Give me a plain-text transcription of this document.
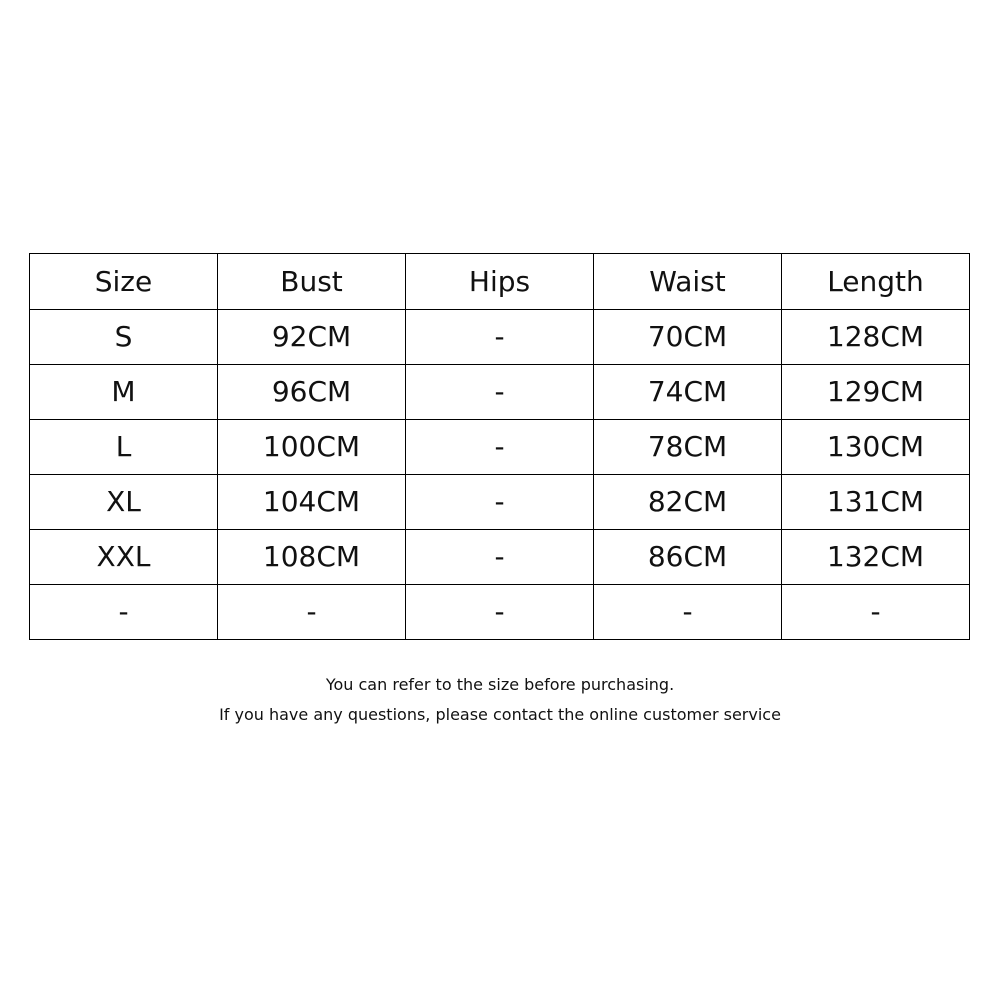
Size	Bust	Hips	Waist	Length
S	92CM	-	70CM	128CM
M	96CM	-	74CM	129CM
L	100CM	-	78CM	130CM
XL	104CM	-	82CM	131CM
XXL	108CM	-	86CM	132CM
-	-	-	-	-
You can refer to the size before purchasing.
If you have any questions, please contact the online customer service
